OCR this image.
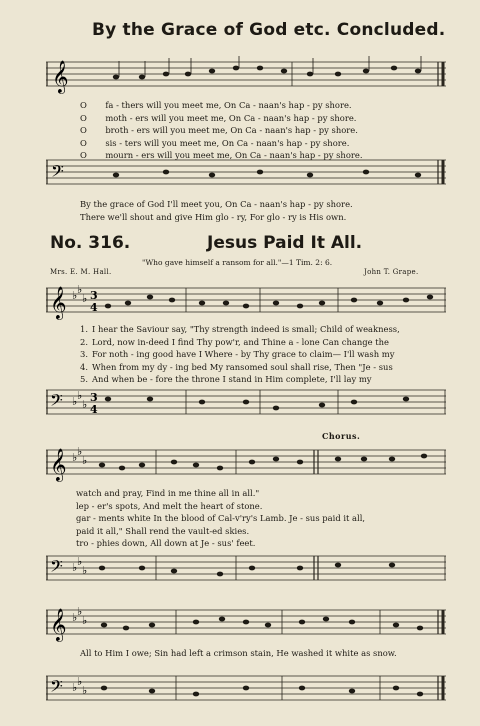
By the Grace of God etc. Concluded.
𝄞
O fa - thers will you meet me, On Ca - naan's hap - py shore.
O moth - ers will you meet me, On Ca - naan's hap - py shore.
O broth - ers will you meet me, On Ca - naan's hap - py shore.
O sis - ters will you meet me, On Ca - naan's hap - py shore.
O mourn - ers will you meet me, On Ca - naan's hap - py shore.
𝄢
By the grace of God I'll meet you, On Ca - naan's hap - py shore.
There we'll shout and give Him glo - ry, For glo - ry is His own.
No. 316.	Jesus Paid It All.
"Who gave himself a ransom for all."—1 Tim. 2: 6.
Mrs. E. M. Hall.	John T. Grape.
𝄞 ♭ ♭
♭ 3
4
1. I hear the Saviour say, "Thy strength indeed is small; Child of weakness,
2. Lord, now in-deed I find Thy pow'r, and Thine a - lone Can change the
3. For noth - ing good have I Where - by Thy grace to claim— I'll wash my
4. When from my dy - ing bed My ransomed soul shall rise, Then "Je - sus
5. And when be - fore the throne I stand in Him complete, I'll lay my
𝄢 ♭ ♭
♭
3
4
Chorus.
𝄞 ♭ ♭
♭
watch and pray, Find in me thine all in all."
lep - er's spots, And melt the heart of stone.
gar - ments white In the blood of Cal-v'ry's Lamb. Je - sus paid it all,
paid it all," Shall rend the vault-ed skies.
tro - phies down, All down at Je - sus' feet.
𝄢 ♭ ♭
♭
𝄞 ♭ ♭
♭
All to Him I owe; Sin had left a crimson stain, He washed it white as snow.
𝄢 ♭ ♭
♭
